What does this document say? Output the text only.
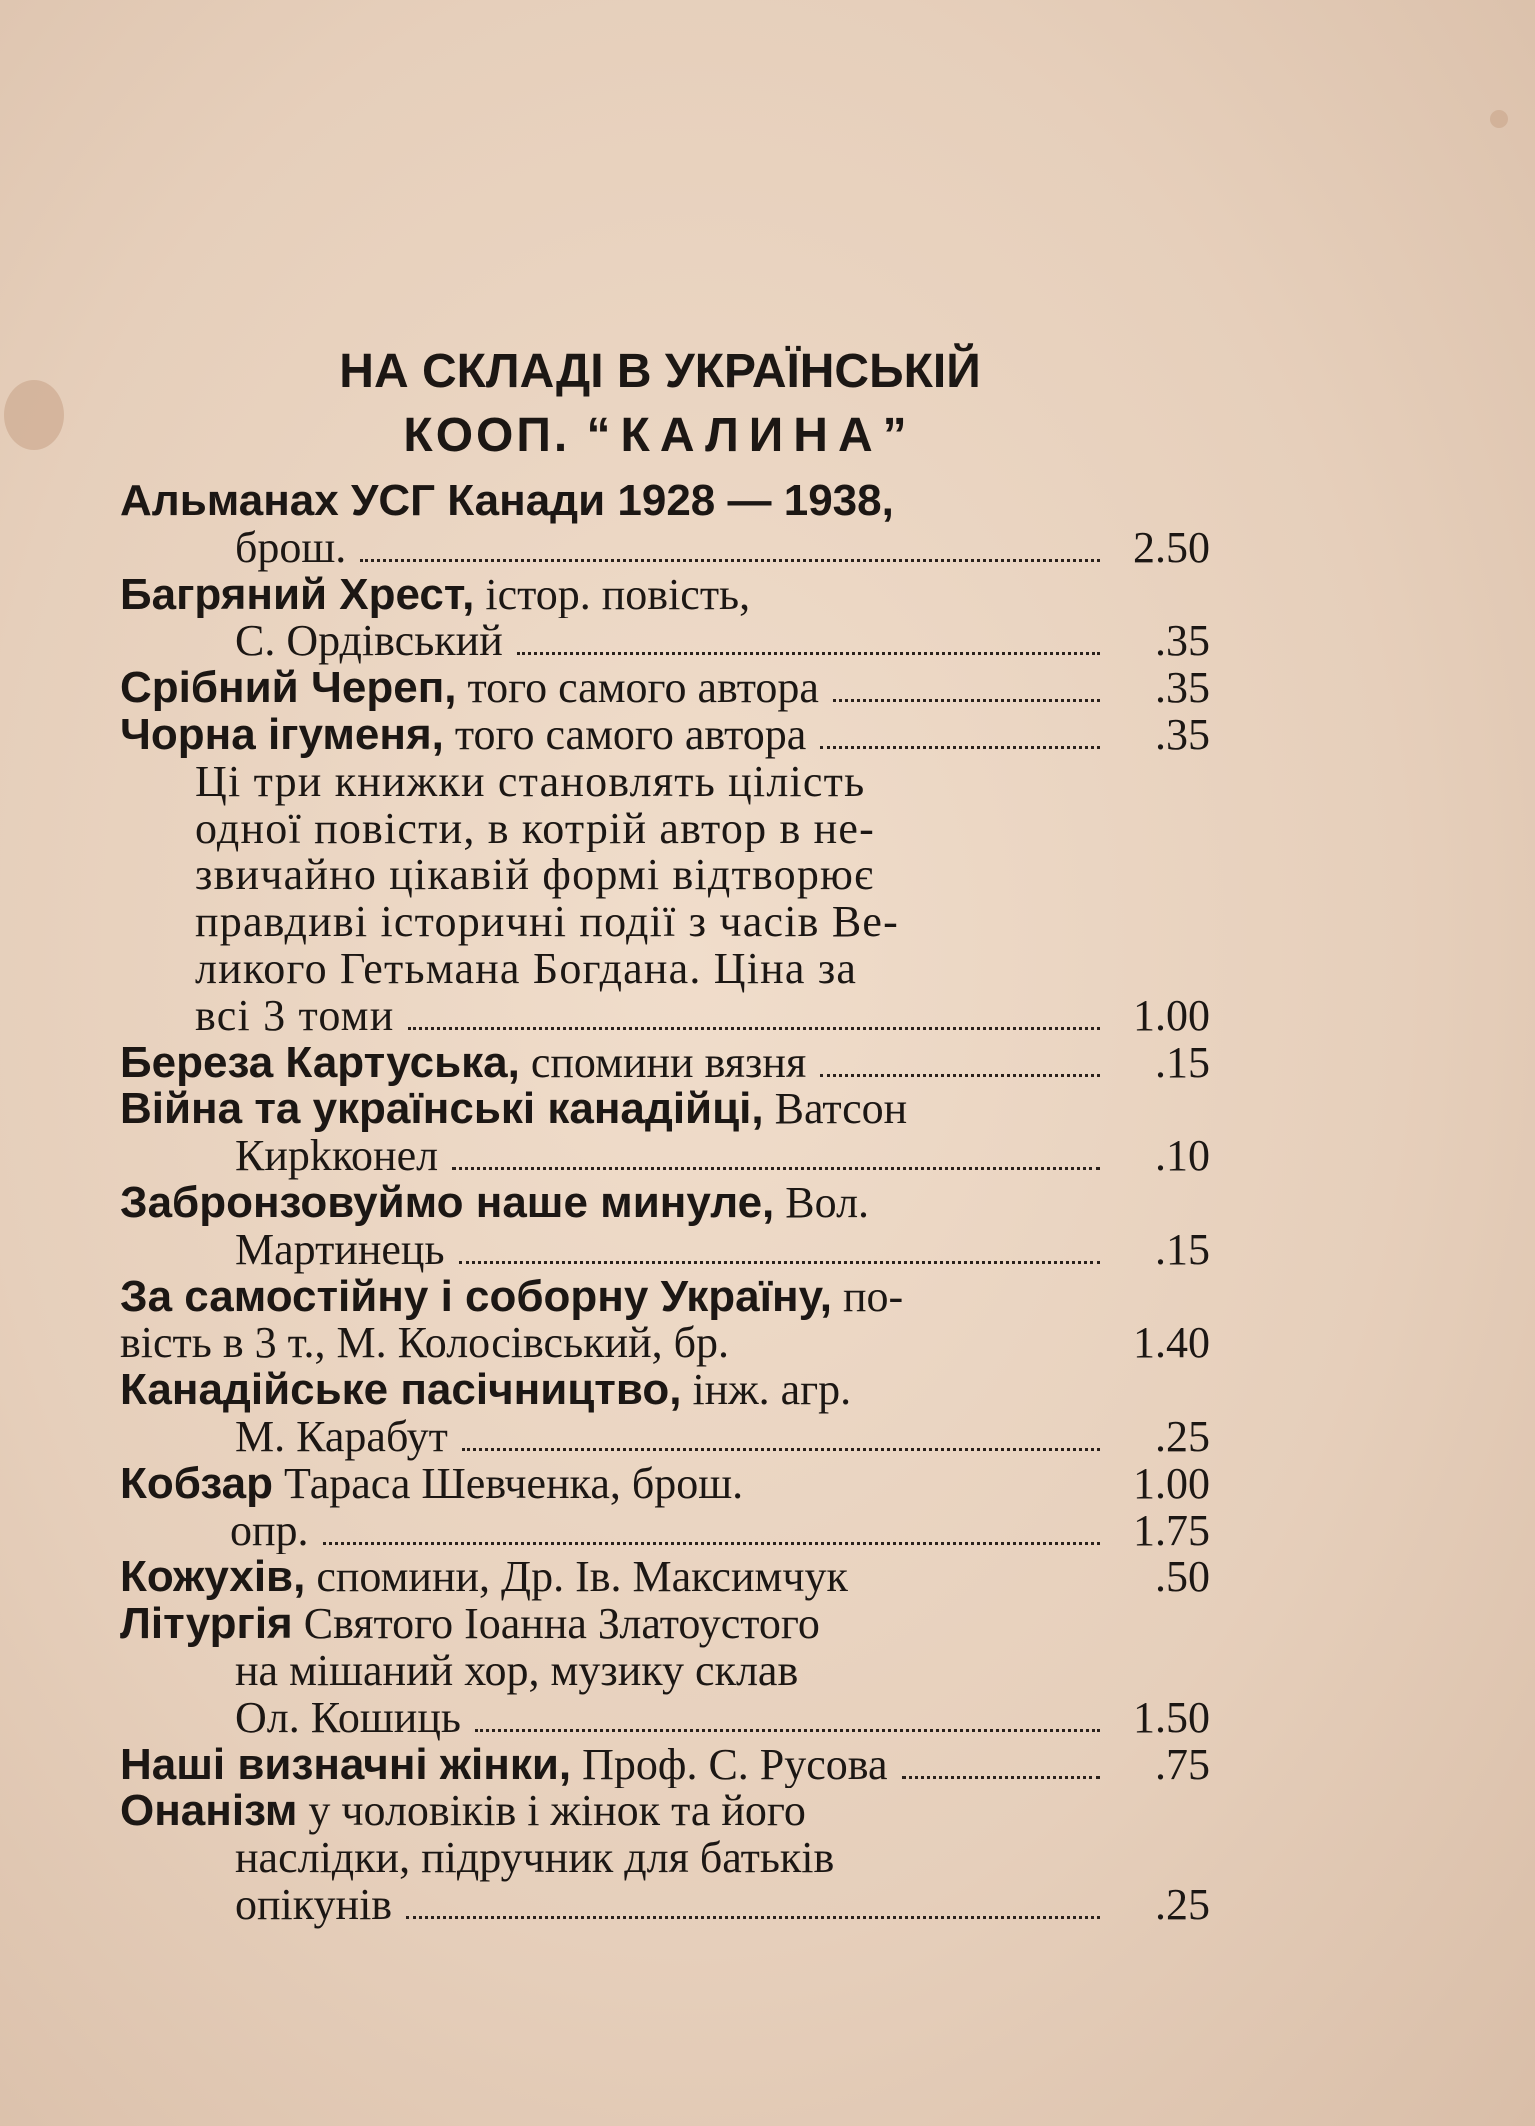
НА СКЛАДІ В УКРАЇНСЬКІЙ
КООП. “КАЛИНА”
Альманах УСГ Канади 1928 — 1938,
брош.	2.50
Багряний Хрест, істор. повість,
С. Ордівський	.35
Срібний Череп, того самого автора	.35
Чорна ігуменя, того самого автора	.35
Ці три книжки становлять цілість
одної повісти, в котрій автор в не-
звичайно цікавій формі відтворює
правдиві історичні події з часів Ве-
ликого Гетьмана Богдана. Ціна за
всі 3 томи	1.00
Береза Картуська, спомини вязня	.15
Війна та українські канадійці, Ватсон
Кирkконел	.10
Забронзовуймо наше минуле, Вол.
Мартинець	.15
За самостійну і соборну Україну, по-
вість в 3 т., М. Колосівський, бр.	1.40
Канадійське пасічництво, інж. агр.
М. Карабут	.25
Кобзар Тараса Шевченка, брош.	1.00
опр.	1.75
Кожухів, спомини, Др. Ів. Максимчук	.50
Літургія Святого Іоанна Златоустого
на мішаний хор, музику склав
Ол. Кошиць	1.50
Наші визначні жінки, Проф. С. Русова	.75
Онанізм у чоловіків і жінок та його
наслідки, підручник для батьків
опікунів	.25
